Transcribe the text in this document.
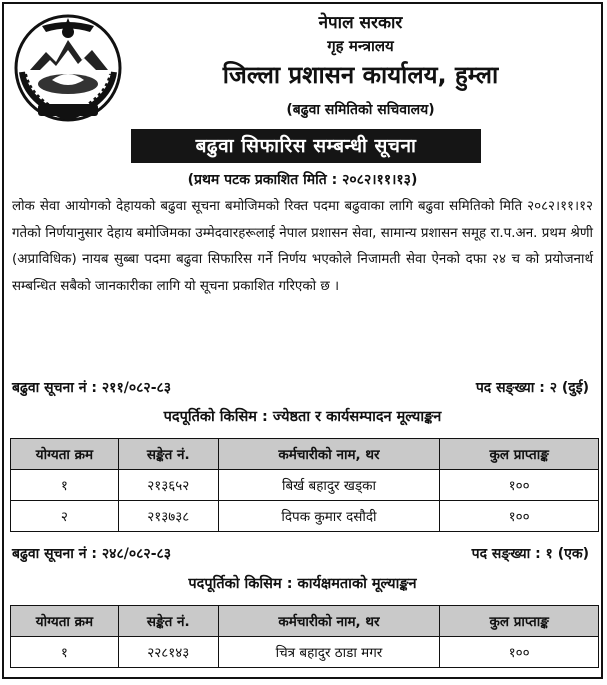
नेपाल सरकार
गृह मन्त्रालय
जिल्ला प्रशासन कार्यालय, हुम्ला
(बढुवा समितिको सचिवालय)
बढुवा सिफारिस सम्बन्धी सूचना
(प्रथम पटक प्रकाशित मिति : २०८२।११।१३)
लोक सेवा आयोगको देहायको बढुवा सूचना बमोजिमको रिक्त पदमा बढुवाका लागि बढुवा समितिको मिति २०८२।११।१२ गतेको निर्णयानुसार देहाय बमोजिमका उम्मेदवारहरूलाई नेपाल प्रशासन सेवा, सामान्य प्रशासन समूह रा.प.अन. प्रथम श्रेणी (अप्राविधिक) नायब सुब्बा पदमा बढुवा सिफारिस गर्ने निर्णय भएकोले निजामती सेवा ऐनको दफा २४ च को प्रयोजनार्थ सम्बन्धित सबैको जानकारीका लागि यो सूचना प्रकाशित गरिएको छ ।
बढुवा सूचना नं : २११/०८२-८३	पद सङ्ख्या : २ (दुई)
पदपूर्तिको किसिम : ज्येष्ठता र कार्यसम्पादन मूल्याङ्कन
योग्यता क्रम	सङ्केत नं.	कर्मचारीको नाम, थर	कुल प्राप्ताङ्क
१	२१३६५२	बिर्ख बहादुर खड्का	१००
२	२१३७३८	दिपक कुमार दसौदी	१००
बढुवा सूचना नं : २४८/०८२-८३	पद सङ्ख्या : १ (एक)
पदपूर्तिको किसिम : कार्यक्षमताको मूल्याङ्कन
योग्यता क्रम	सङ्केत नं.	कर्मचारीको नाम, थर	कुल प्राप्ताङ्क
१	२२८१४३	चित्र बहादुर ठाडा मगर	१००
